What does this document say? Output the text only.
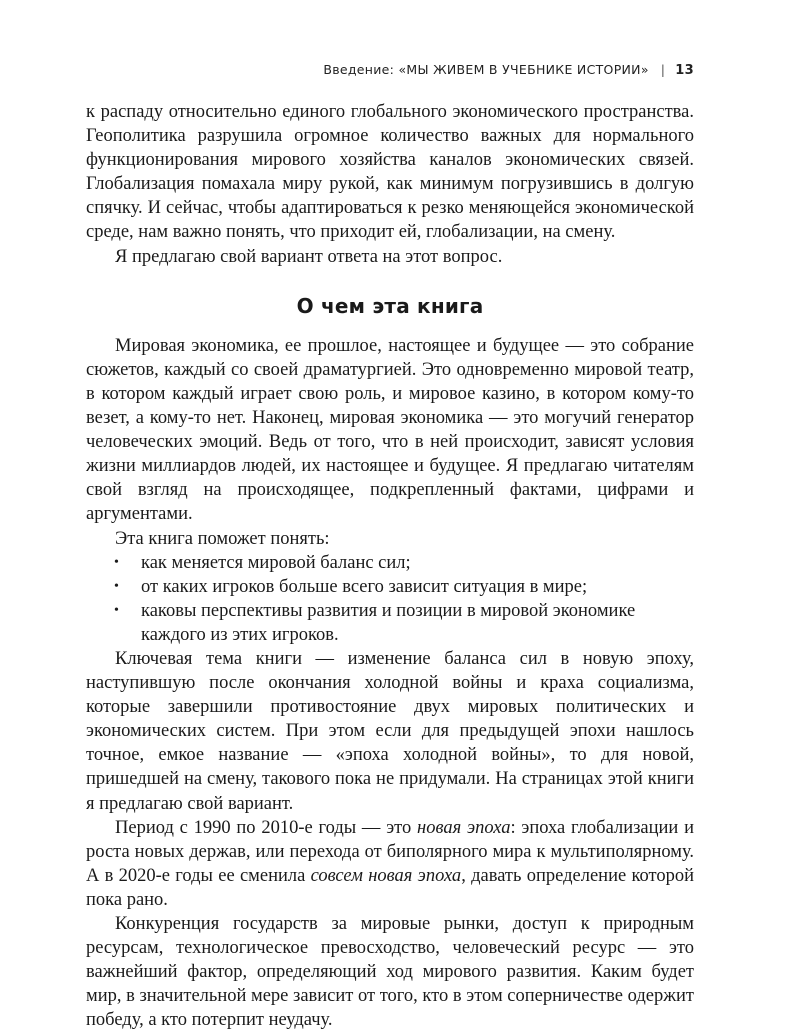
Введение: «МЫ ЖИВЕМ В УЧЕБНИКЕ ИСТОРИИ» | 13

к распаду относительно единого глобального экономического пространства. Геополитика разрушила огромное количество важных для нормального функционирования мирового хозяйства каналов экономических связей. Глобализация помахала миру рукой, как минимум погрузившись в долгую спячку. И сейчас, чтобы адаптироваться к резко меняющейся экономической среде, нам важно понять, что приходит ей, глобализации, на смену.

Я предлагаю свой вариант ответа на этот вопрос.

О чем эта книга

Мировая экономика, ее прошлое, настоящее и будущее — это собрание сюжетов, каждый со своей драматургией. Это одновременно мировой театр, в котором каждый играет свою роль, и мировое казино, в котором кому-то везет, а кому-то нет. Наконец, мировая экономика — это могучий генератор человеческих эмоций. Ведь от того, что в ней происходит, зависят условия жизни миллиардов людей, их настоящее и будущее. Я предлагаю читателям свой взгляд на происходящее, подкрепленный фактами, цифрами и аргументами.

Эта книга поможет понять:

• как меняется мировой баланс сил;
• от каких игроков больше всего зависит ситуация в мире;
• каковы перспективы развития и позиции в мировой экономике каждого из этих игроков.

Ключевая тема книги — изменение баланса сил в новую эпоху, наступившую после окончания холодной войны и краха социализма, которые завершили противостояние двух мировых политических и экономических систем. При этом если для предыдущей эпохи нашлось точное, емкое название — «эпоха холодной войны», то для новой, пришедшей на смену, такового пока не придумали. На страницах этой книги я предлагаю свой вариант.

Период с 1990 по 2010-е годы — это новая эпоха: эпоха глобализации и роста новых держав, или перехода от биполярного мира к мультиполярному. А в 2020-е годы ее сменила совсем новая эпоха, давать определение которой пока рано.

Конкуренция государств за мировые рынки, доступ к природным ресурсам, технологическое превосходство, человеческий ресурс — это важнейший фактор, определяющий ход мирового развития. Каким будет мир, в значительной мере зависит от того, кто в этом соперничестве одержит победу, а кто потерпит неудачу.
